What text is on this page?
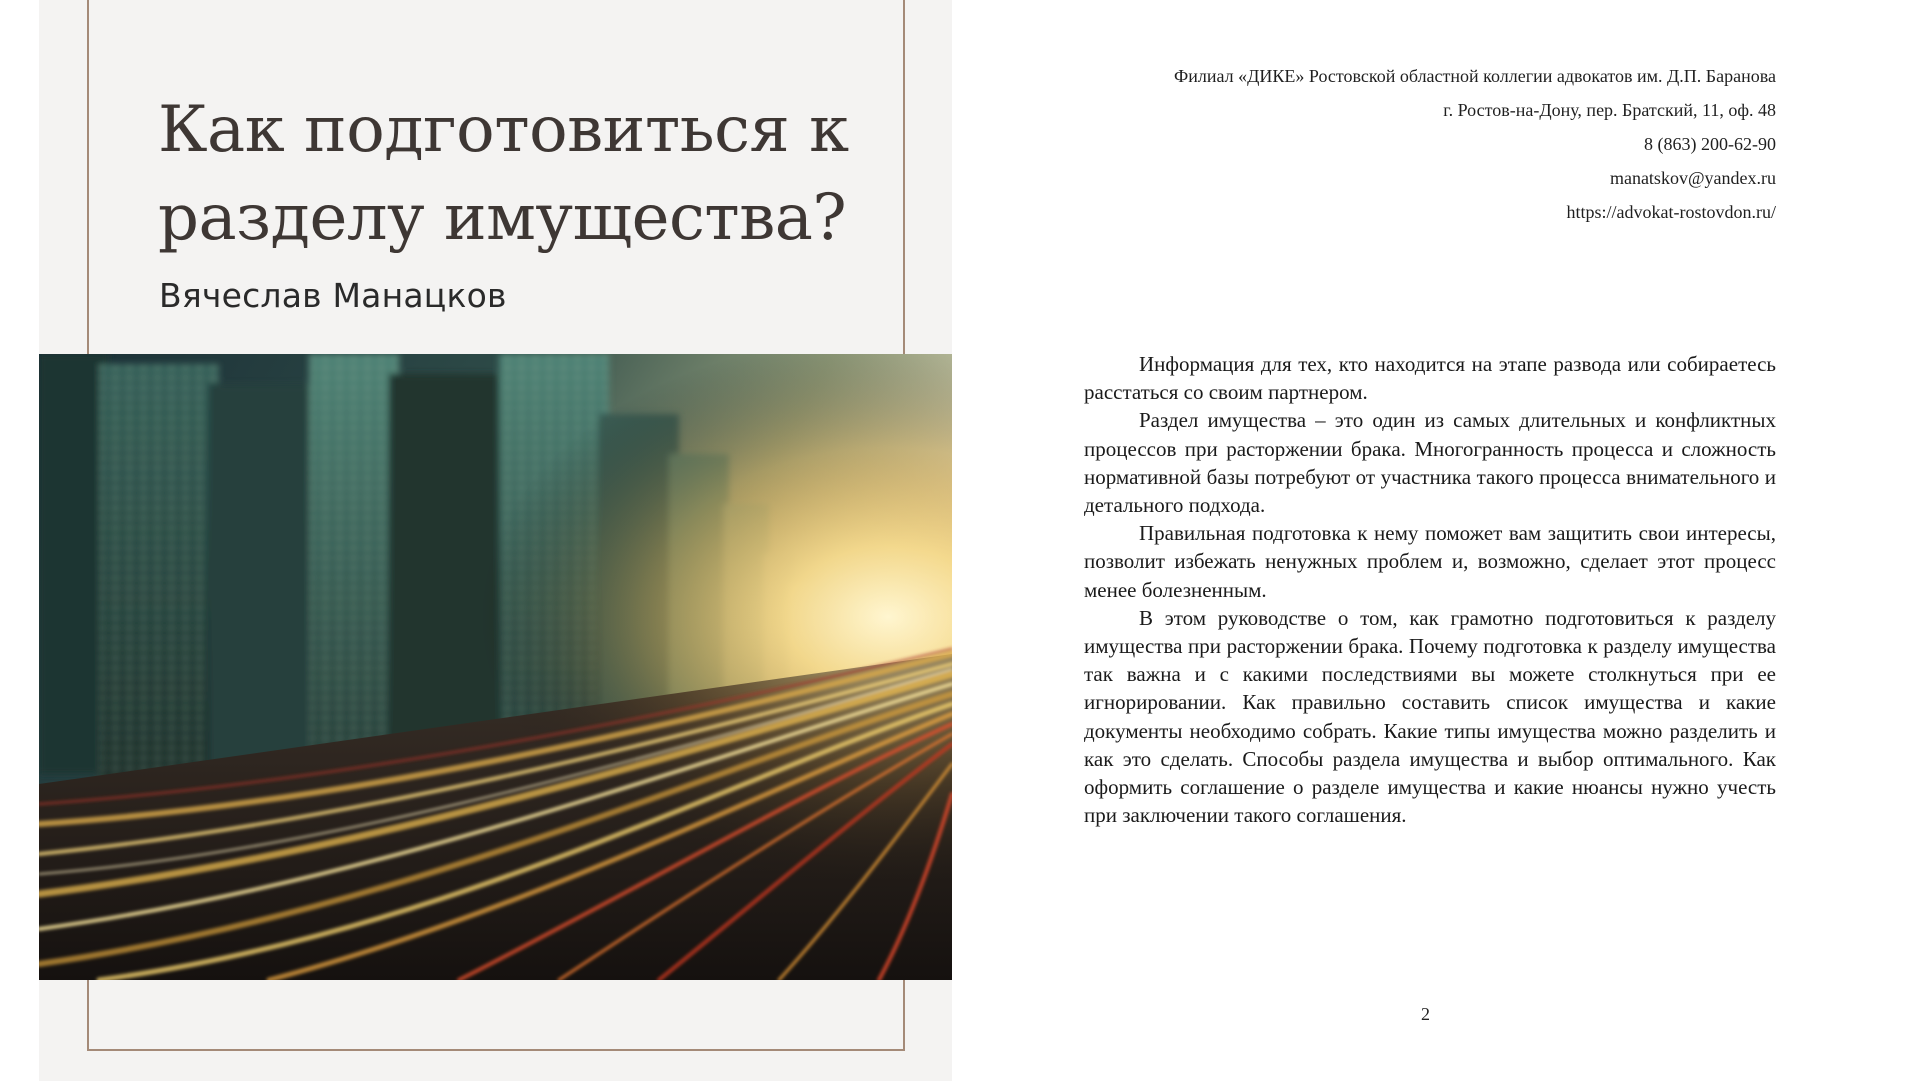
Как подготовиться к
разделу имущества?
Вячеслав Манацков
Филиал «ДИКЕ» Ростовской областной коллегии адвокатов им. Д.П. Баранова
г. Ростов-на-Дону, пер. Братский, 11, оф. 48
8 (863) 200-62-90
manatskov@yandex.ru
https://advokat-rostovdon.ru/

Информация для тех, кто находится на этапе развода или собираетесь расстаться со своим партнером.

Раздел имущества – это один из самых длительных и конфликтных процессов при расторжении брака. Многогранность процесса и сложность нормативной базы потребуют от участника такого процесса внимательного и детального подхода.

Правильная подготовка к нему поможет вам защитить свои интересы, позволит избежать ненужных проблем и, возможно, сделает этот процесс менее болезненным.

В этом руководстве о том, как грамотно подготовиться к разделу имущества при расторжении брака. Почему подготовка к разделу имущества так важна и с какими последствиями вы можете столкнуться при ее игнорировании. Как правильно составить список имущества и какие документы необходимо собрать. Какие типы имущества можно разделить и как это сделать. Способы раздела имущества и выбор оптимального. Как оформить соглашение о разделе имущества и какие нюансы нужно учесть при заключении такого соглашения.

2
